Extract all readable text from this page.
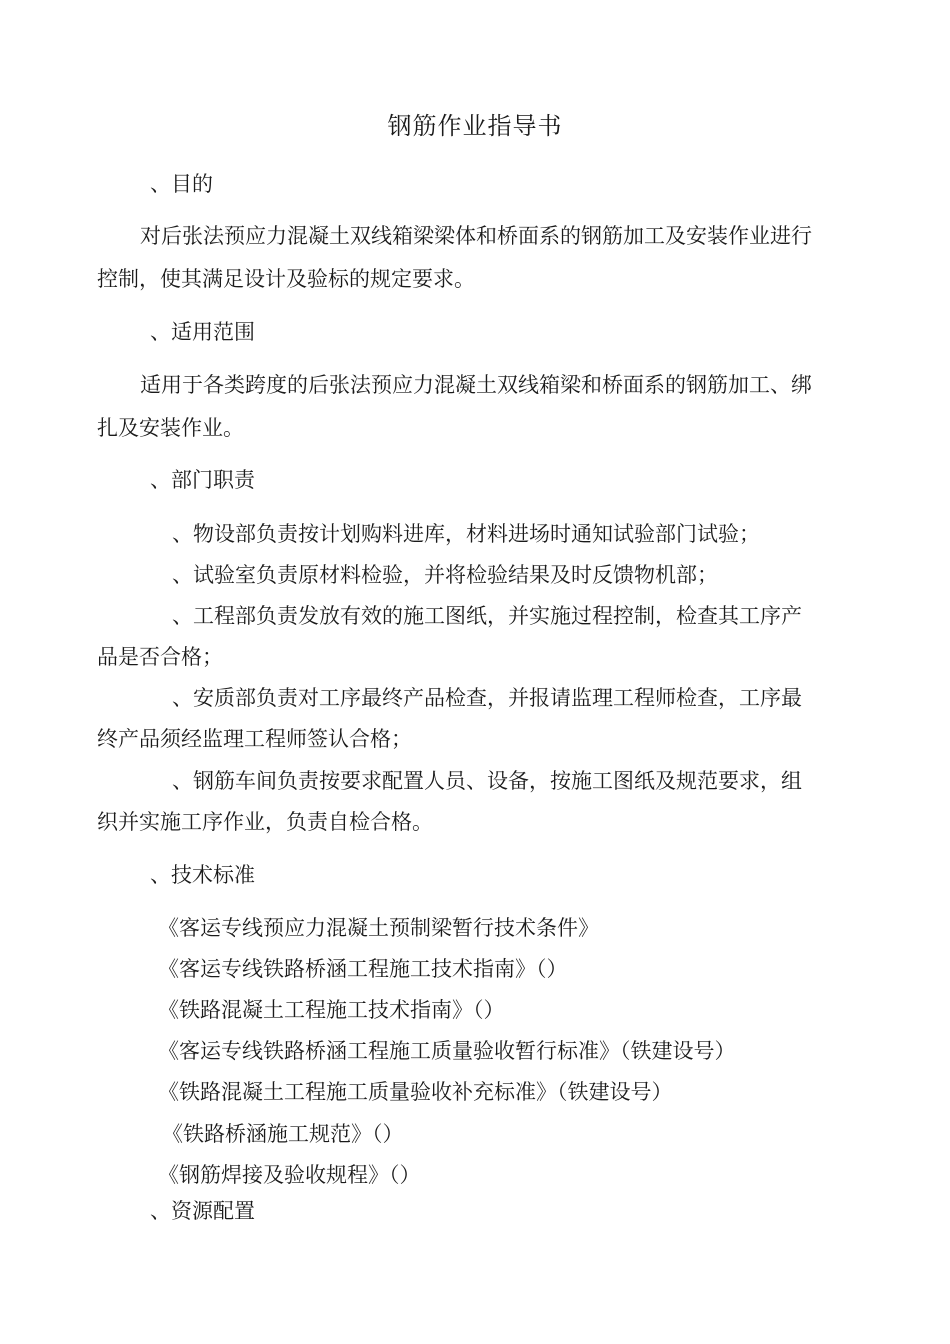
钢筋作业指导书
、目的
对后张法预应力混凝土双线箱梁梁体和桥面系的钢筋加工及安装作业进行
控制，使其满足设计及验标的规定要求。
、适用范围
适用于各类跨度的后张法预应力混凝土双线箱梁和桥面系的钢筋加工、绑
扎及安装作业。
、部门职责
、物设部负责按计划购料进库，材料进场时通知试验部门试验；
、试验室负责原材料检验，并将检验结果及时反馈物机部；
、工程部负责发放有效的施工图纸，并实施过程控制，检查其工序产
品是否合格；
、安质部负责对工序最终产品检查，并报请监理工程师检查，工序最
终产品须经监理工程师签认合格；
、钢筋车间负责按要求配置人员、设备，按施工图纸及规范要求，组
织并实施工序作业，负责自检合格。
、技术标准
《客运专线预应力混凝土预制梁暂行技术条件》
《客运专线铁路桥涵工程施工技术指南》（）
《铁路混凝土工程施工技术指南》（）
《客运专线铁路桥涵工程施工质量验收暂行标准》（铁建设号）
《铁路混凝土工程施工质量验收补充标准》（铁建设号）
《铁路桥涵施工规范》（）
《钢筋焊接及验收规程》（）
、资源配置
